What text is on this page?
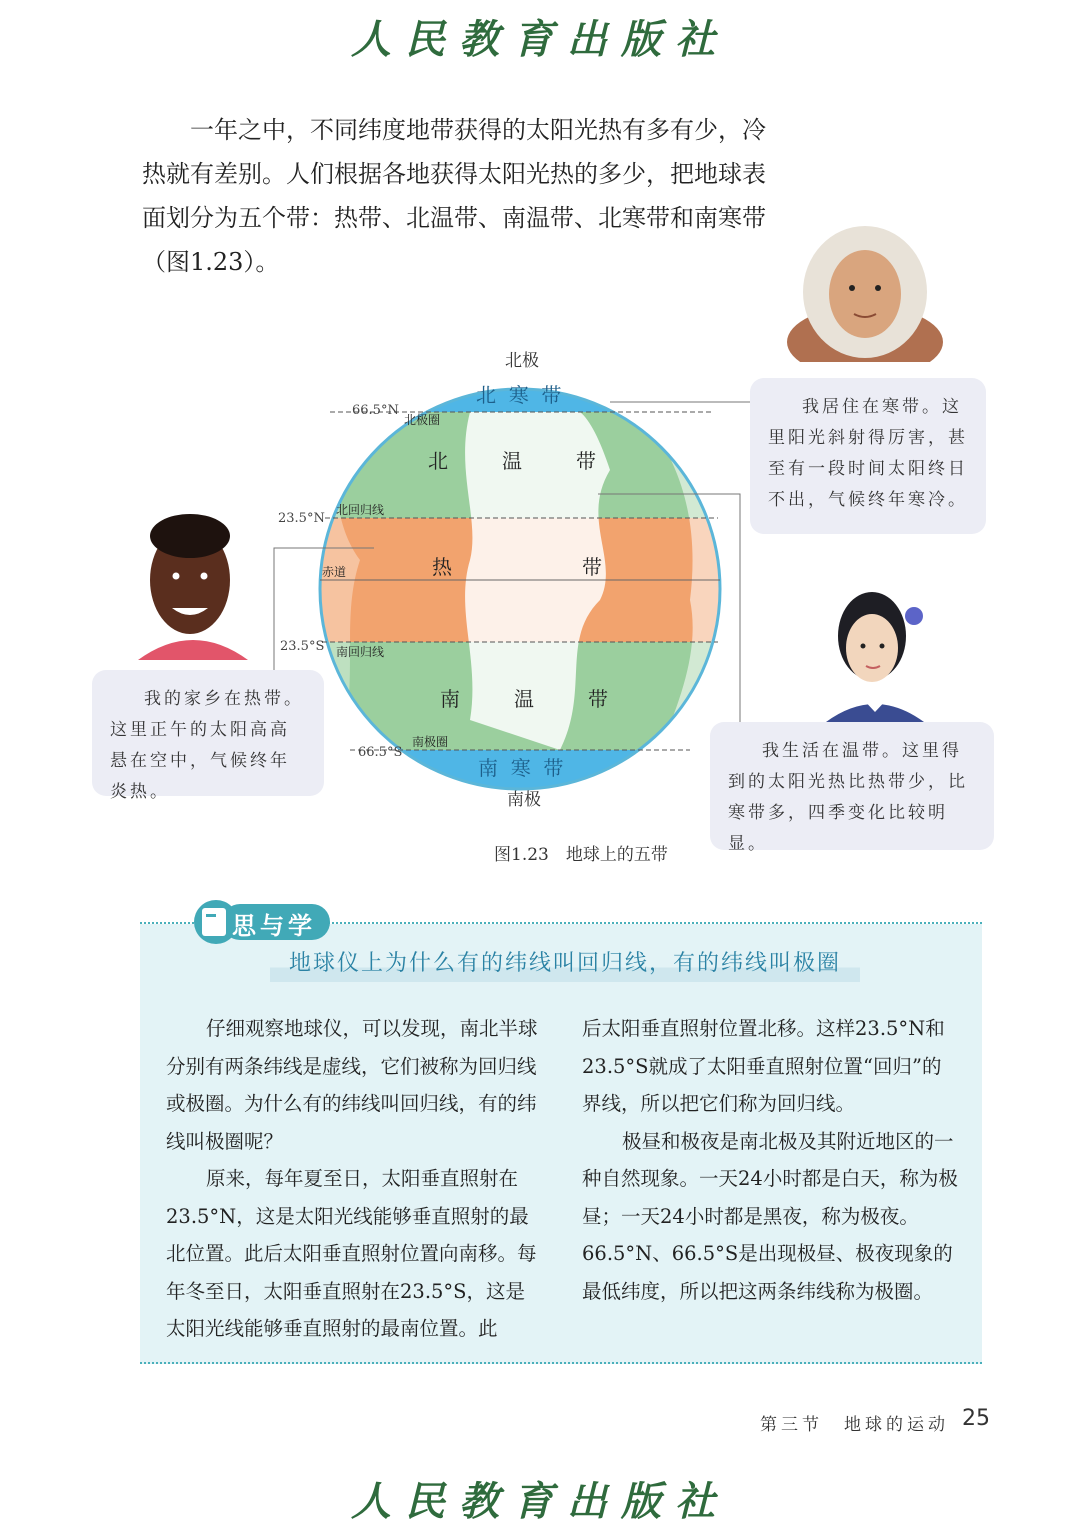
人民教育出版社

一年之中，不同纬度地带获得的太阳光热有多有少，冷热就有差别。人们根据各地获得太阳光热的多少，把地球表面划分为五个带：热带、北温带、南温带、北寒带和南寒带（图1.23）。

北极
南极
北  寒  带
北	温	带
热	带
南	温	带
南  寒  带
66.5°N
23.5°N
23.5°S
66.5°S
北极圈
北回归线
赤道
南回归线
南极圈
我居住在寒带。这里阳光斜射得厉害，甚至有一段时间太阳终日不出，气候终年寒冷。
我的家乡在热带。这里正午的太阳高高悬在空中，气候终年炎热。
我生活在温带。这里得到的太阳光热比热带少，比寒带多，四季变化比较明显。
图1.23　地球上的五带
思与学
地球仪上为什么有的纬线叫回归线，有的纬线叫极圈

仔细观察地球仪，可以发现，南北半球分别有两条纬线是虚线，它们被称为回归线或极圈。为什么有的纬线叫回归线，有的纬线叫极圈呢？

原来，每年夏至日，太阳垂直照射在23.5°N，这是太阳光线能够垂直照射的最北位置。此后太阳垂直照射位置向南移。每年冬至日，太阳垂直照射在23.5°S，这是太阳光线能够垂直照射的最南位置。此

后太阳垂直照射位置北移。这样23.5°N和23.5°S就成了太阳垂直照射位置“回归”的界线，所以把它们称为回归线。

极昼和极夜是南北极及其附近地区的一种自然现象。一天24小时都是白天，称为极昼；一天24小时都是黑夜，称为极夜。66.5°N、66.5°S是出现极昼、极夜现象的最低纬度，所以把这两条纬线称为极圈。

第三节　地球的运动 25
人民教育出版社
